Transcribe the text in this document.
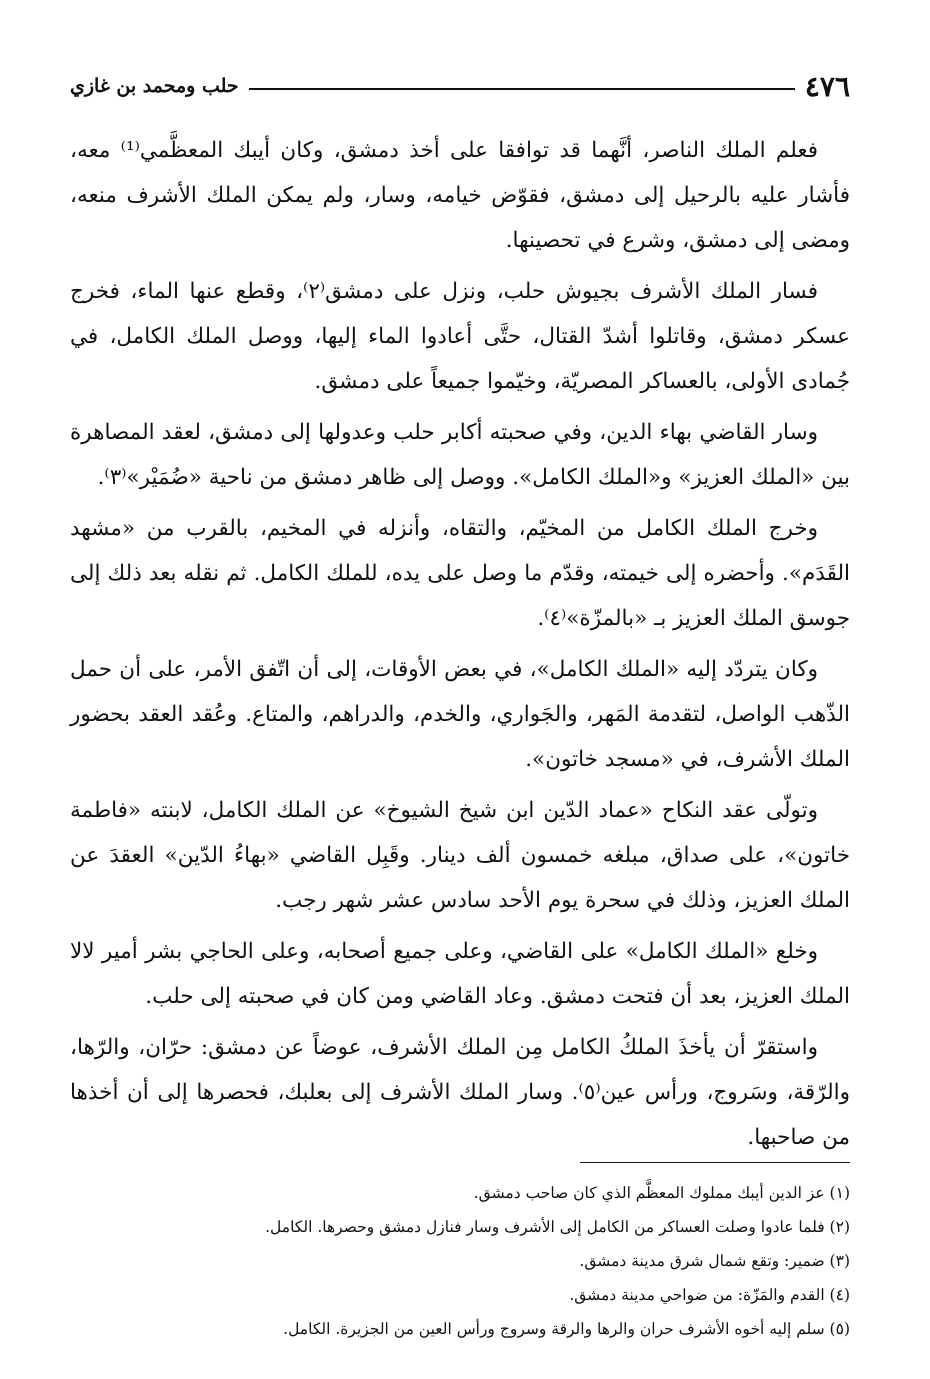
٤٧٦
حلب ومحمد بن غازي

فعلم الملك الناصر، أنَّهما قد توافقا على أخذ دمشق، وكان أيبك المعظَّمي⁽¹⁾ معه، فأشار عليه بالرحيل إلى دمشق، فقوّض خيامه، وسار، ولم يمكن الملك الأشرف منعه، ومضى إلى دمشق، وشرع في تحصينها.

فسار الملك الأشرف بجيوش حلب، ونزل على دمشق⁽٢⁾، وقطع عنها الماء، فخرج عسكر دمشق، وقاتلوا أشدّ القتال، حتَّى أعادوا الماء إليها، ووصل الملك الكامل، في جُمادى الأولى، بالعساكر المصريّة، وخيّموا جميعاً على دمشق.

وسار القاضي بهاء الدين، وفي صحبته أكابر حلب وعدولها إلى دمشق، لعقد المصاهرة بين «الملك العزيز» و«الملك الكامل». ووصل إلى ظاهر دمشق من ناحية «ضُمَيْر»⁽٣⁾.

وخرج الملك الكامل من المخيّم، والتقاه، وأنزله في المخيم، بالقرب من «مشهد القَدَم». وأحضره إلى خيمته، وقدّم ما وصل على يده، للملك الكامل. ثم نقله بعد ذلك إلى جوسق الملك العزيز بـ «بالمزّة»⁽٤⁾.

وكان يتردّد إليه «الملك الكامل»، في بعض الأوقات، إلى أن اتّفق الأمر، على أن حمل الذّهب الواصل، لتقدمة المَهر، والجَواري، والخدم، والدراهم، والمتاع. وعُقد العقد بحضور الملك الأشرف، في «مسجد خاتون».

وتولّى عقد النكاح «عماد الدّين ابن شيخ الشيوخ» عن الملك الكامل، لابنته «فاطمة خاتون»، على صداق، مبلغه خمسون ألف دينار. وقَبِل القاضي «بهاءُ الدّين» العقدَ عن الملك العزيز، وذلك في سحرة يوم الأحد سادس عشر شهر رجب.

وخلع «الملك الكامل» على القاضي، وعلى جميع أصحابه، وعلى الحاجي بشر أمير لالا الملك العزيز، بعد أن فتحت دمشق. وعاد القاضي ومن كان في صحبته إلى حلب.

واستقرّ أن يأخذَ الملكُ الكامل مِن الملك الأشرف، عوضاً عن دمشق: حرّان، والرّها، والرّقة، وسَروج، ورأس عين⁽٥⁾. وسار الملك الأشرف إلى بعلبك، فحصرها إلى أن أخذها من صاحبها.

(١) عز الدين أيبك مملوك المعظَّم الذي كان صاحب دمشق.

(٢) فلما عادوا وصلت العساكر من الكامل إلى الأشرف وسار فنازل دمشق وحصرها. الكامل.

(٣) ضمير: وتقع شمال شرق مدينة دمشق.

(٤) القدم والمَزّة: من ضواحي مدينة دمشق.

(٥) سلم إليه أخوه الأشرف حران والرها والرقة وسروج ورأس العين من الجزيرة. الكامل.
